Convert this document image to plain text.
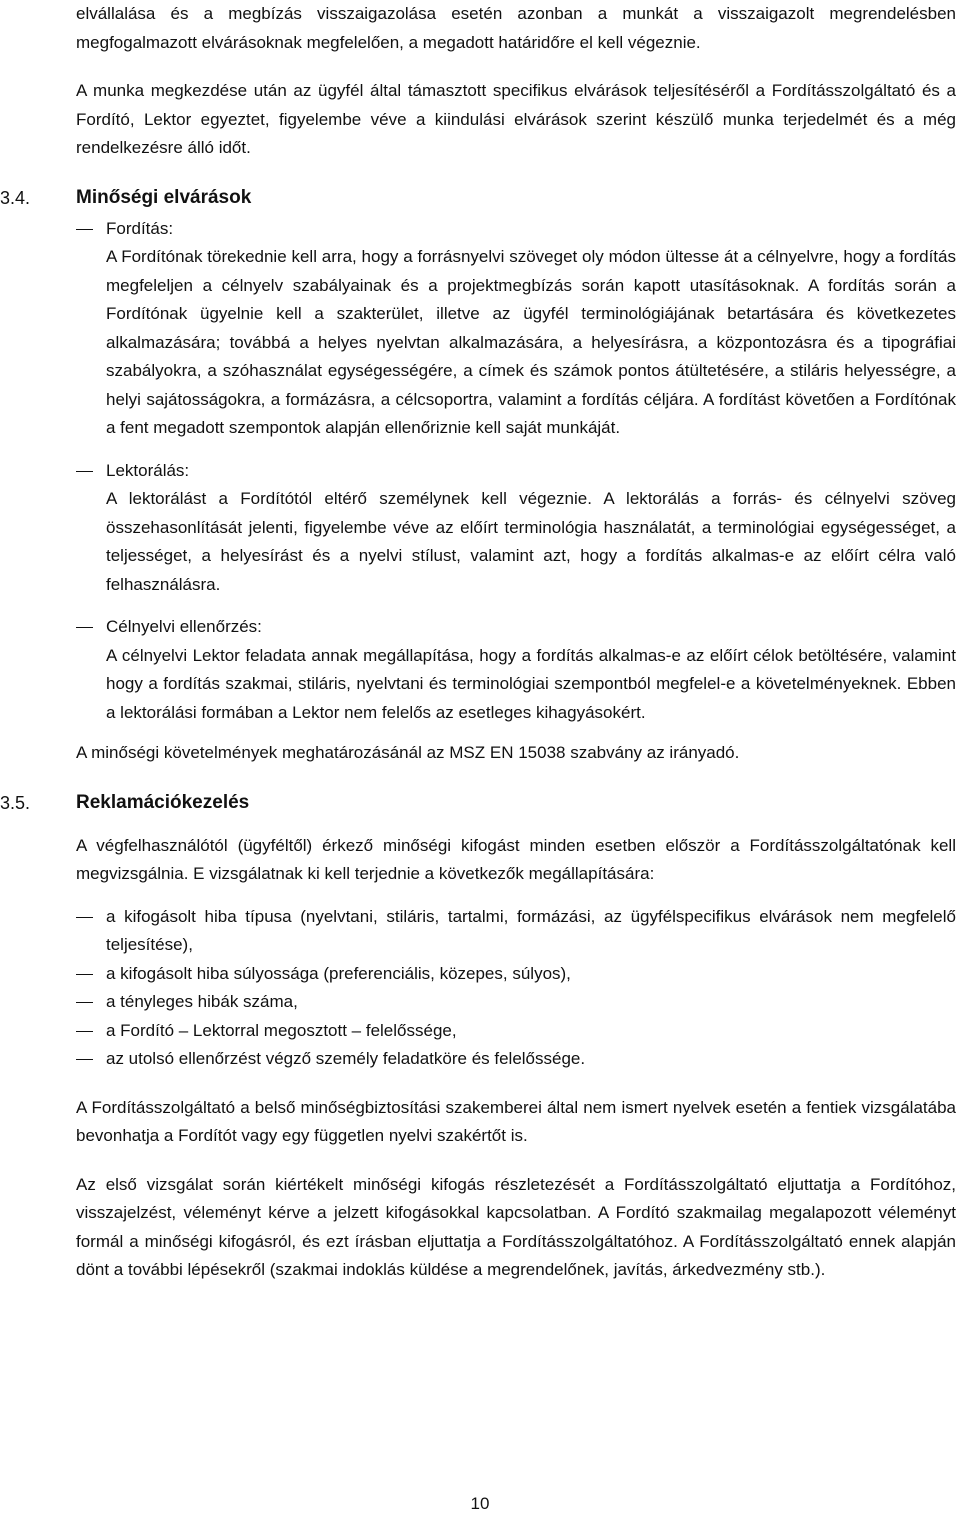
elvállalása és a megbízás visszaigazolása esetén azonban a munkát a visszaigazolt megrendelésben megfogalmazott elvárásoknak megfelelően, a megadott határidőre el kell végeznie.

A munka megkezdése után az ügyfél által támasztott specifikus elvárások teljesítéséről a Fordításszolgáltató és a Fordító, Lektor egyeztet, figyelembe véve a kiindulási elvárások szerint készülő munka terjedelmét és a még rendelkezésre álló időt.

3.4. Minőségi elvárások
Fordítás:

A Fordítónak törekednie kell arra, hogy a forrásnyelvi szöveget oly módon ültesse át a célnyelvre, hogy a fordítás megfeleljen a célnyelv szabályainak és a projektmegbízás során kapott utasításoknak. A fordítás során a Fordítónak ügyelnie kell a szakterület, illetve az ügyfél terminológiájának betartására és következetes alkalmazására; továbbá a helyes nyelvtan alkalmazására, a helyesírásra, a központozásra és a tipográfiai szabályokra, a szóhasználat egységességére, a címek és számok pontos átültetésére, a stiláris helyességre, a helyi sajátosságokra, a formázásra, a célcsoportra, valamint a fordítás céljára. A fordítást követően a Fordítónak a fent megadott szempontok alapján ellenőriznie kell saját munkáját.

Lektorálás:

A lektorálást a Fordítótól eltérő személynek kell végeznie. A lektorálás a forrás- és célnyelvi szöveg összehasonlítását jelenti, figyelembe véve az előírt terminológia használatát, a terminológiai egységességet, a teljességet, a helyesírást és a nyelvi stílust, valamint azt, hogy a fordítás alkalmas-e az előírt célra való felhasználásra.

Célnyelvi ellenőrzés:

A célnyelvi Lektor feladata annak megállapítása, hogy a fordítás alkalmas-e az előírt célok betöltésére, valamint hogy a fordítás szakmai, stiláris, nyelvtani és terminológiai szempontból megfelel-e a követelményeknek. Ebben a lektorálási formában a Lektor nem felelős az esetleges kihagyásokért.

A minőségi követelmények meghatározásánál az MSZ EN 15038 szabvány az irányadó.

3.5. Reklamációkezelés

A végfelhasználótól (ügyféltől) érkező minőségi kifogást minden esetben először a Fordításszolgáltatónak kell megvizsgálnia. E vizsgálatnak ki kell terjednie a következők megállapítására:

a kifogásolt hiba típusa (nyelvtani, stiláris, tartalmi, formázási, az ügyfélspecifikus elvárások nem megfelelő teljesítése),

a kifogásolt hiba súlyossága (preferenciális, közepes, súlyos),

a tényleges hibák száma,

a Fordító – Lektorral megosztott – felelőssége,

az utolsó ellenőrzést végző személy feladatköre és felelőssége.

A Fordításszolgáltató a belső minőségbiztosítási szakemberei által nem ismert nyelvek esetén a fentiek vizsgálatába bevonhatja a Fordítót vagy egy független nyelvi szakértőt is.

Az első vizsgálat során kiértékelt minőségi kifogás részletezését a Fordításszolgáltató eljuttatja a Fordítóhoz, visszajelzést, véleményt kérve a jelzett kifogásokkal kapcsolatban. A Fordító szakmailag megalapozott véleményt formál a minőségi kifogásról, és ezt írásban eljuttatja a Fordításszolgáltatóhoz. A Fordításszolgáltató ennek alapján dönt a további lépésekről (szakmai indoklás küldése a megrendelőnek, javítás, árkedvezmény stb.).

10
